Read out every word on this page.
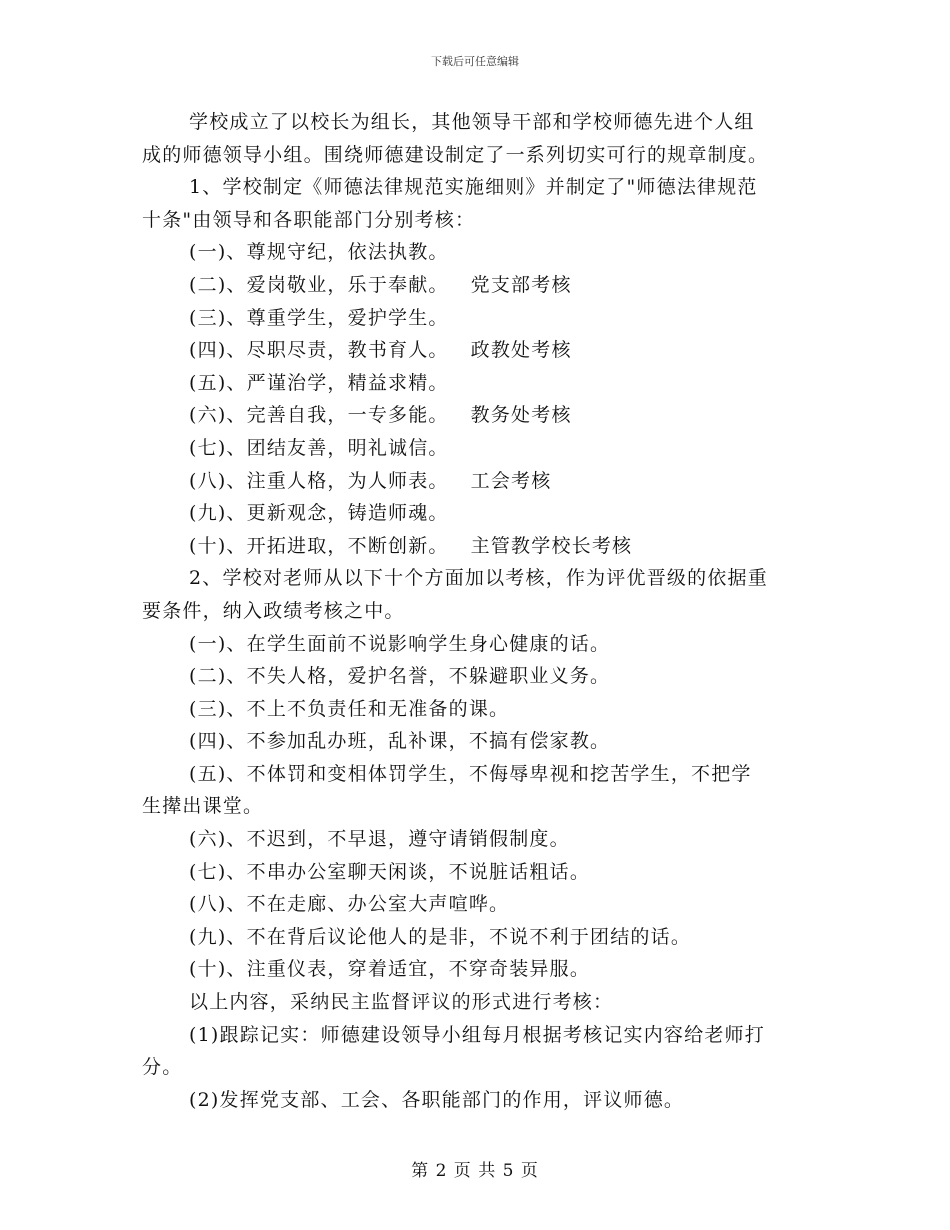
下载后可任意编辑
学校成立了以校长为组长，其他领导干部和学校师德先进个人组
成的师德领导小组。围绕师德建设制定了一系列切实可行的规章制度。
1、学校制定《师德法律规范实施细则》并制定了"师德法律规范
十条"由领导和各职能部门分别考核：
(一)、尊规守纪，依法执教。
(二)、爱岗敬业，乐于奉献。 党支部考核
(三)、尊重学生，爱护学生。
(四)、尽职尽责，教书育人。 政教处考核
(五)、严谨治学，精益求精。
(六)、完善自我，一专多能。 教务处考核
(七)、团结友善，明礼诚信。
(八)、注重人格，为人师表。 工会考核
(九)、更新观念，铸造师魂。
(十)、开拓进取，不断创新。 主管教学校长考核
2、学校对老师从以下十个方面加以考核，作为评优晋级的依据重
要条件，纳入政绩考核之中。
(一)、在学生面前不说影响学生身心健康的话。
(二)、不失人格，爱护名誉，不躲避职业义务。
(三)、不上不负责任和无准备的课。
(四)、不参加乱办班，乱补课，不搞有偿家教。
(五)、不体罚和变相体罚学生，不侮辱卑视和挖苦学生，不把学
生撵出课堂。
(六)、不迟到，不早退，遵守请销假制度。
(七)、不串办公室聊天闲谈，不说脏话粗话。
(八)、不在走廊、办公室大声喧哗。
(九)、不在背后议论他人的是非，不说不利于团结的话。
(十)、注重仪表，穿着适宜，不穿奇装异服。
以上内容，采纳民主监督评议的形式进行考核：
(1)跟踪记实：师德建设领导小组每月根据考核记实内容给老师打
分。
(2)发挥党支部、工会、各职能部门的作用，评议师德。
第 2 页 共 5 页
